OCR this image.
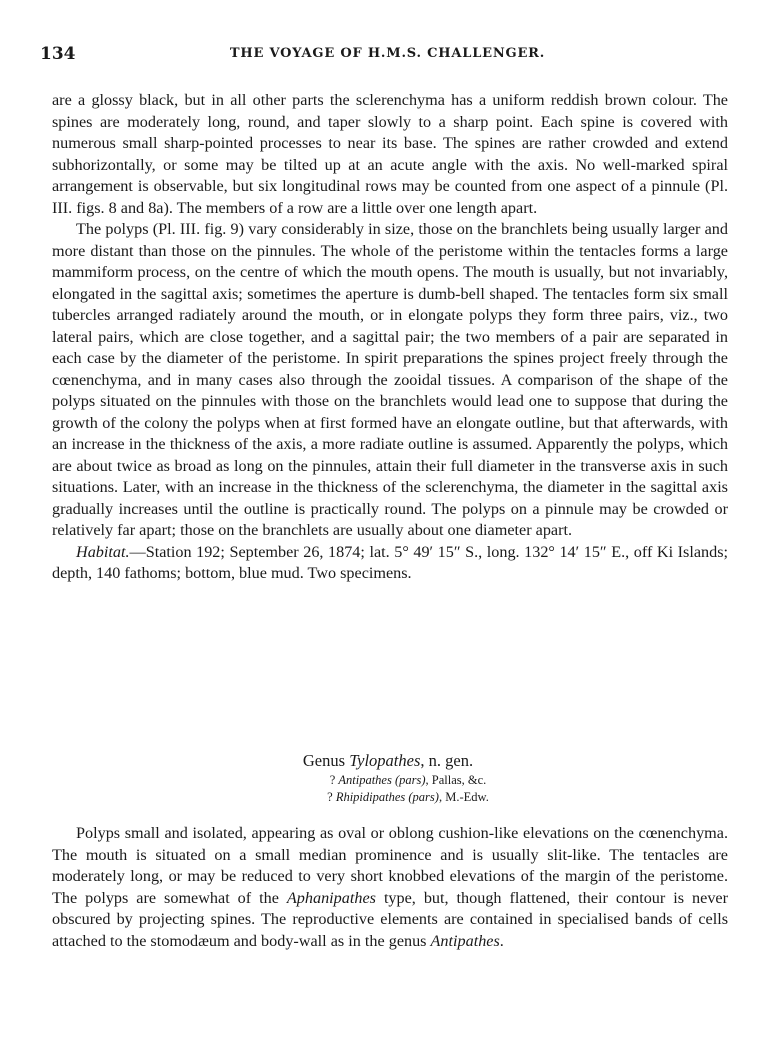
134	THE VOYAGE OF H.M.S. CHALLENGER.

are a glossy black, but in all other parts the sclerenchyma has a uniform reddish brown colour. The spines are moderately long, round, and taper slowly to a sharp point. Each spine is covered with numerous small sharp-pointed processes to near its base. The spines are rather crowded and extend subhorizontally, or some may be tilted up at an acute angle with the axis. No well-marked spiral arrangement is observable, but six longitudinal rows may be counted from one aspect of a pinnule (Pl. III. figs. 8 and 8a). The members of a row are a little over one length apart.

The polyps (Pl. III. fig. 9) vary considerably in size, those on the branchlets being usually larger and more distant than those on the pinnules. The whole of the peristome within the tentacles forms a large mammiform process, on the centre of which the mouth opens. The mouth is usually, but not invariably, elongated in the sagittal axis; sometimes the aperture is dumb-bell shaped. The tentacles form six small tubercles arranged radiately around the mouth, or in elongate polyps they form three pairs, viz., two lateral pairs, which are close together, and a sagittal pair; the two members of a pair are separated in each case by the diameter of the peristome. In spirit preparations the spines project freely through the cœnenchyma, and in many cases also through the zooidal tissues. A comparison of the shape of the polyps situated on the pinnules with those on the branchlets would lead one to suppose that during the growth of the colony the polyps when at first formed have an elongate outline, but that afterwards, with an increase in the thickness of the axis, a more radiate outline is assumed. Apparently the polyps, which are about twice as broad as long on the pinnules, attain their full diameter in the transverse axis in such situations. Later, with an increase in the thickness of the sclerenchyma, the diameter in the sagittal axis gradually increases until the outline is practically round. The polyps on a pinnule may be crowded or relatively far apart; those on the branchlets are usually about one diameter apart.

Habitat.—Station 192; September 26, 1874; lat. 5° 49′ 15″ S., long. 132° 14′ 15″ E., off Ki Islands; depth, 140 fathoms; bottom, blue mud. Two specimens.

Genus Tylopathes, n. gen.
? Antipathes (pars), Pallas, &c.
? Rhipidipathes (pars), M.-Edw.

Polyps small and isolated, appearing as oval or oblong cushion-like elevations on the cœnenchyma. The mouth is situated on a small median prominence and is usually slit-like. The tentacles are moderately long, or may be reduced to very short knobbed elevations of the margin of the peristome. The polyps are somewhat of the Aphanipathes type, but, though flattened, their contour is never obscured by projecting spines. The reproductive elements are contained in specialised bands of cells attached to the stomodæum and body-wall as in the genus Antipathes.
